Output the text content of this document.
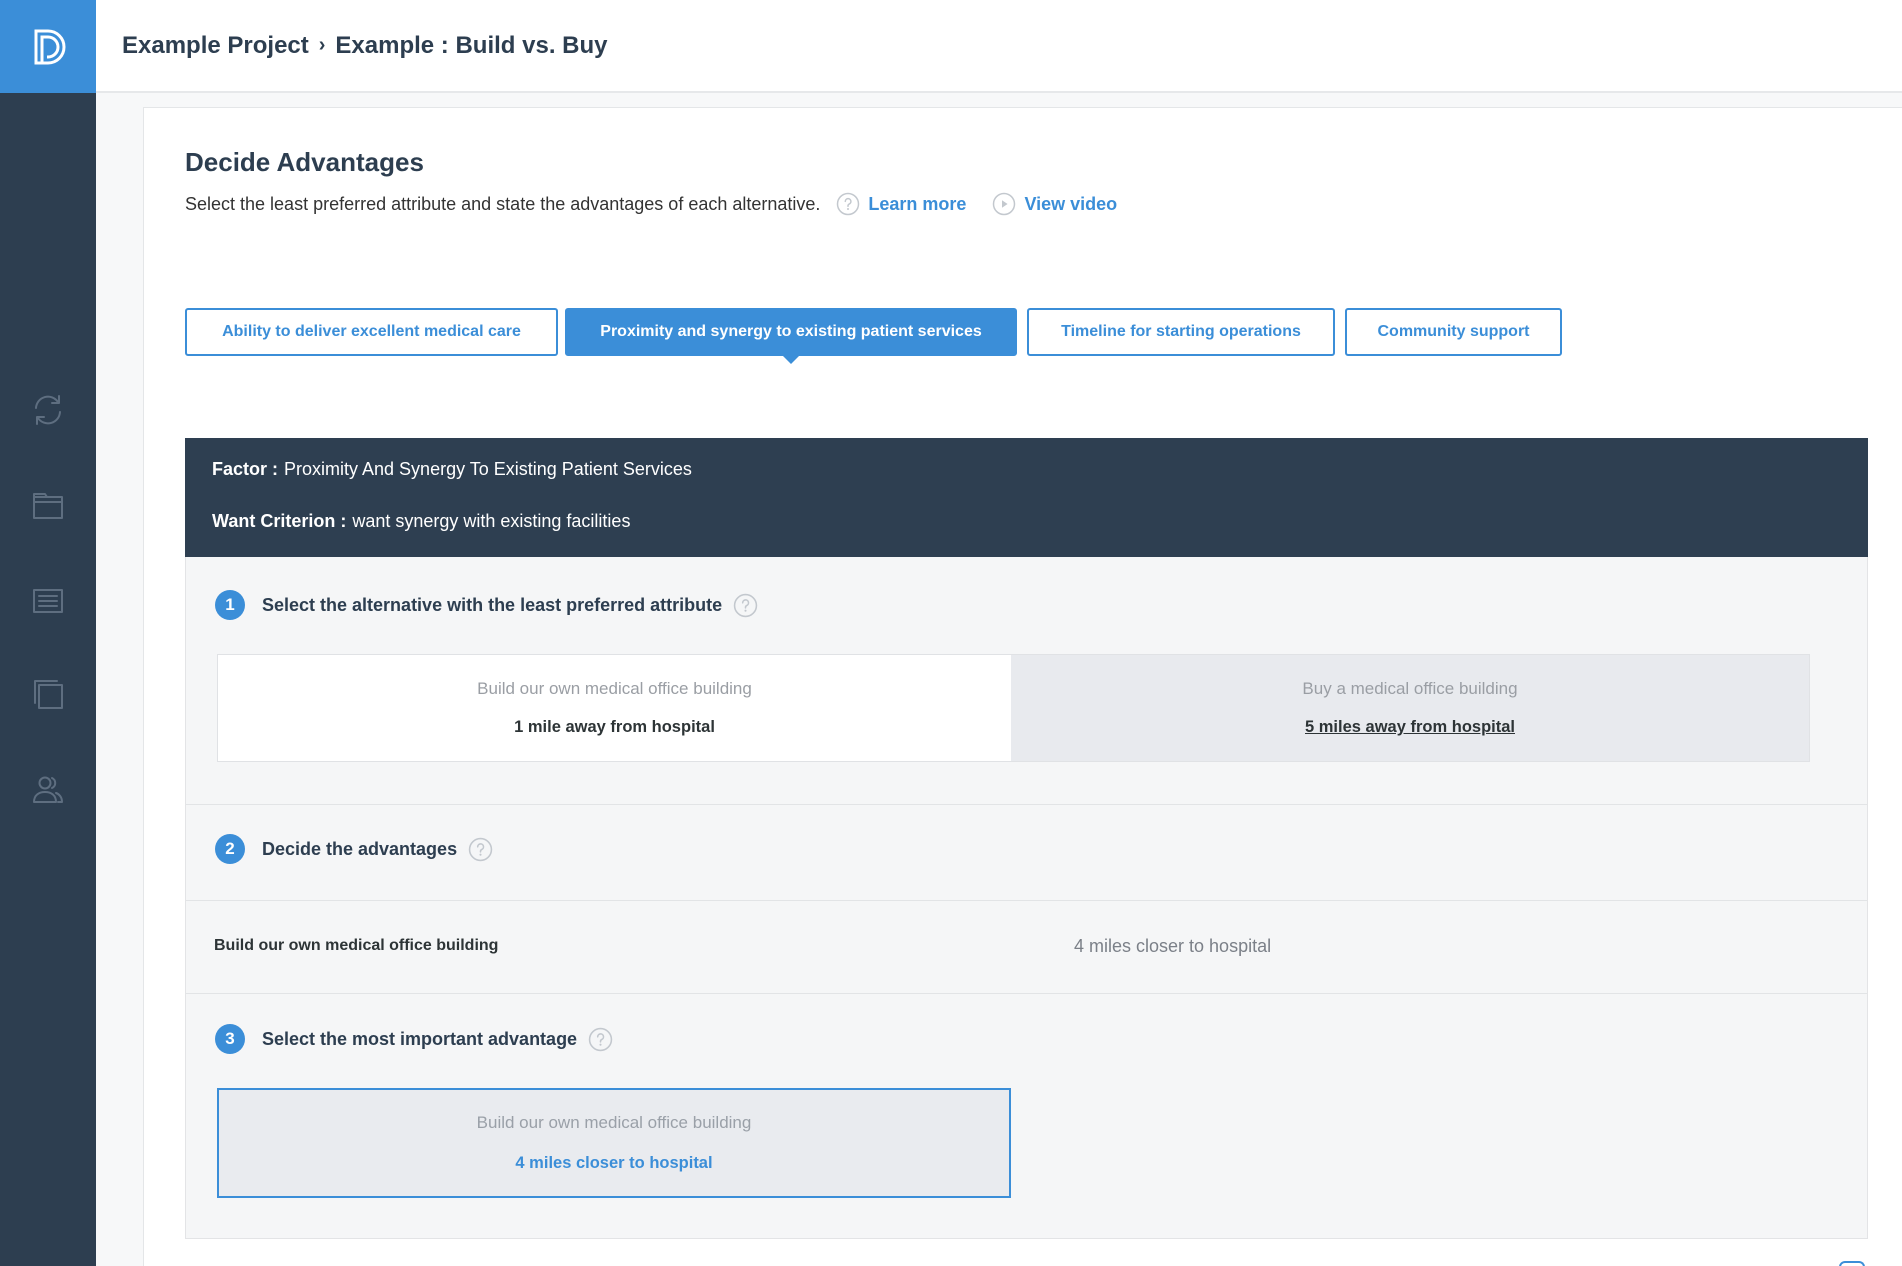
Example Project › Example : Build vs. Buy
Decide Advantages
Select the least preferred attribute and state the advantages of each alternative.	Learn more	View video
Ability to deliver excellent medical care	Proximity and synergy to existing patient services	Timeline for starting operations	Community support
Factor : Proximity And Synergy To Existing Patient Services
Want Criterion : want synergy with existing facilities
1	Select the alternative with the least preferred attribute
Build our own medical office building
1 mile away from hospital
Buy a medical office building
5 miles away from hospital
2	Decide the advantages
Build our own medical office building	4 miles closer to hospital
3	Select the most important advantage
Build our own medical office building
4 miles closer to hospital
